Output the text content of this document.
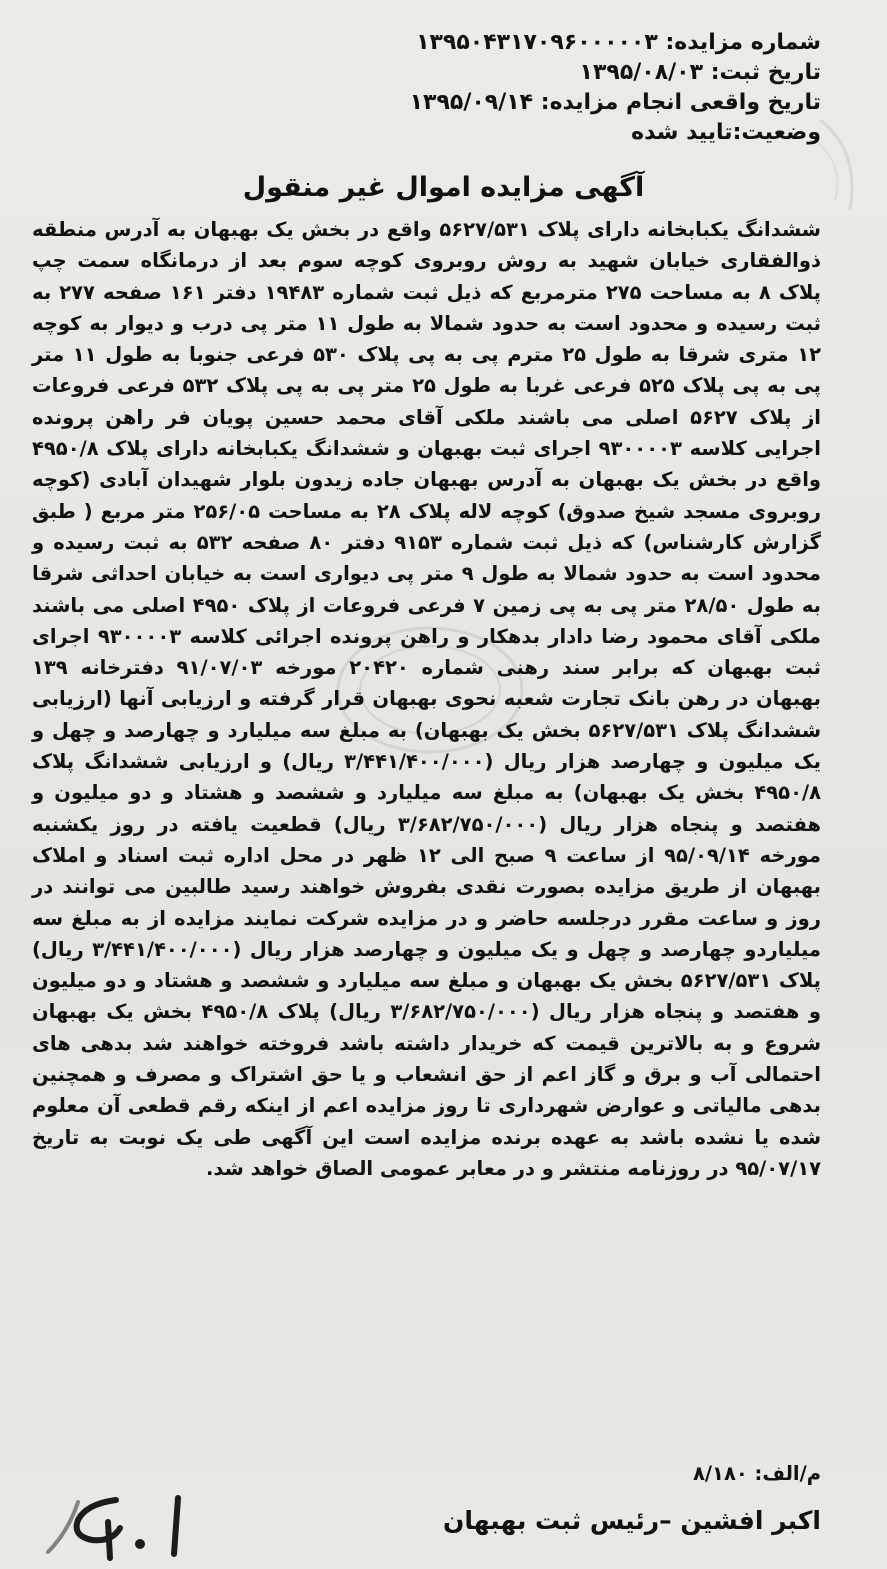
شماره مزایده: ۱۳۹۵۰۴۳۱۷۰۹۶۰۰۰۰۰۳
تاریخ ثبت: ۱۳۹۵/۰۸/۰۳
تاریخ واقعی انجام مزایده: ۱۳۹۵/۰۹/۱۴
وضعیت:تایید شده
آگهی مزایده اموال غیر منقول
ششدانگ یکبابخانه دارای پلاک ۵۶۲۷/۵۳۱ واقع در بخش یک بهبهان به آدرس منطقه ذوالفقاری خیابان شهید به روش روبروی کوچه سوم بعد از درمانگاه سمت چپ پلاک ۸ به مساحت ۲۷۵ مترمربع که ذیل ثبت شماره ۱۹۴۸۳ دفتر ۱۶۱ صفحه ۲۷۷ به ثبت رسیده و محدود است به حدود شمالا به طول ۱۱ متر پی درب و دیوار به کوچه ۱۲ متری شرقا به طول ۲۵ مترم پی به پی پلاک ۵۳۰ فرعی جنوبا به طول ۱۱ متر پی به پی پلاک ۵۲۵ فرعی غربا به طول ۲۵ متر پی به پی پلاک ۵۳۲ فرعی فروعات از پلاک ۵۶۲۷ اصلی می باشند ملکی آقای محمد حسین پویان فر راهن پرونده اجرایی کلاسه ۹۳۰۰۰۰۳ اجرای ثبت بهبهان و ششدانگ یکبابخانه دارای پلاک ۴۹۵۰/۸ واقع در بخش یک بهبهان به آدرس بهبهان جاده زیدون بلوار شهیدان آبادی (کوچه روبروی مسجد شیخ صدوق) کوچه لاله پلاک ۲۸ به مساحت ۲۵۶/۰۵ متر مربع ( طبق گزارش کارشناس) که ذیل ثبت شماره ۹۱۵۳ دفتر ۸۰ صفحه ۵۳۲ به ثبت رسیده و محدود است به حدود شمالا به طول ۹ متر پی دیواری است به خیابان احداثی شرقا به طول ۲۸/۵۰ متر پی به پی زمین ۷ فرعی فروعات از پلاک ۴۹۵۰ اصلی می باشند ملکی آقای محمود رضا دادار بدهکار و راهن پرونده اجرائی کلاسه ۹۳۰۰۰۰۳ اجرای ثبت بهبهان که برابر سند رهنی شماره ۲۰۴۲۰ مورخه ۹۱/۰۷/۰۳ دفترخانه ۱۳۹ بهبهان در رهن بانک تجارت شعبه نحوی بهبهان قرار گرفته و ارزیابی آنها (ارزیابی ششدانگ پلاک ۵۶۲۷/۵۳۱ بخش یک بهبهان) به مبلغ سه میلیارد و چهارصد و چهل و یک میلیون و چهارصد هزار ریال (۳/۴۴۱/۴۰۰/۰۰۰ ریال) و ارزیابی ششدانگ پلاک ۴۹۵۰/۸ بخش یک بهبهان) به مبلغ سه میلیارد و ششصد و هشتاد و دو میلیون و هفتصد و پنجاه هزار ریال (۳/۶۸۲/۷۵۰/۰۰۰ ریال) قطعیت یافته در روز یکشنبه مورخه ۹۵/۰۹/۱۴ از ساعت ۹ صبح الی ۱۲ ظهر در محل اداره ثبت اسناد و املاک بهبهان از طریق مزایده بصورت نقدی بفروش خواهند رسید طالبین می توانند در روز و ساعت مقرر درجلسه حاضر و در مزایده شرکت نمایند مزایده از به مبلغ سه میلیاردو چهارصد و چهل و یک میلیون و چهارصد هزار ریال (۳/۴۴۱/۴۰۰/۰۰۰ ریال) پلاک ۵۶۲۷/۵۳۱ بخش یک بهبهان و مبلغ سه میلیارد و ششصد و هشتاد و دو میلیون و هفتصد و پنجاه هزار ریال (۳/۶۸۲/۷۵۰/۰۰۰ ریال) پلاک ۴۹۵۰/۸ بخش یک بهبهان شروع و به بالاترین قیمت که خریدار داشته باشد فروخته خواهند شد بدهی های احتمالی آب و برق و گاز اعم از حق انشعاب و یا حق اشتراک و مصرف و همچنین بدهی مالیاتی و عوارض شهرداری تا روز مزایده اعم از اینکه رقم قطعی آن معلوم شده یا نشده باشد به عهده برنده مزایده است این آگهی طی یک نوبت به تاریخ ۹۵/۰۷/۱۷ در روزنامه منتشر و در معابر عمومی الصاق خواهد شد.
م/الف: ۸/۱۸۰
اکبر افشین –رئیس ثبت بهبهان
